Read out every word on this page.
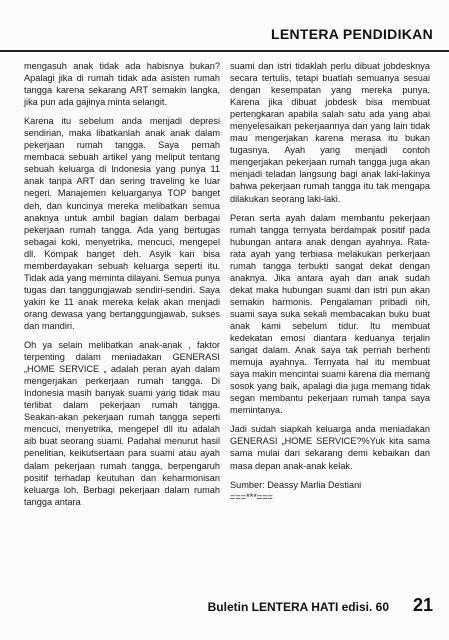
LENTERA PENDIDIKAN

mengasuh anak tidak ada habisnya bukan? Apalagi jika di rumah tidak ada asisten rumah tangga karena sekarang ART semakin langka, jika pun ada gajinya minta selangit.

Karena itu sebelum anda menjadi depresi sendirian, maka libatkanlah anak anak dalam pekerjaan rumah tangga. Saya pernah membaca sebuah artikel yang meliput tentang sebuah keluarga di Indonesia yang punya 11 anak tanpa ART dan sering traveling ke luar negeri. Manajemen keluarganya TOP banget deh, dan kuncinya mereka melibatkan semua anaknya untuk ambil bagian dalam berbagai pekerjaan rumah tangga. Ada yang bertugas sebagai koki, menyetrika, mencuci, mengepel dll. Kompak banget deh. Asyik kan bisa memberdayakan sebuah keluarga seperti itu. Tidak ada yang meminta dilayani. Semua punya tugas dan tanggungjawab sendiri-sendiri. Saya yakin ke 11 anak mereka kelak akan menjadi orang dewasa yang bertanggungjawab, sukses dan mandiri.

Oh ya selain melibatkan anak-anak , faktor terpenting dalam meniadakan GENERASI „HOME SERVICE „ adalah peran ayah dalam mengerjakan perkerjaan rumah tangga. Di Indonesia masih banyak suami yang tidak mau terlibat dalam pekerjaan rumah tangga. Seakan-akan pekerjaan rumah tangga seperti mencuci, menyetrika, mengepel dll itu adalah aib buat seorang suami. Padahal menurut hasil penelitian, keikutsertaan para suami atau ayah dalam pekerjaan rumah tangga, berpengaruh positif terhadap keutuhan dan keharmonisan keluarga loh. Berbagi pekerjaan dalam rumah tangga antara

suami dan istri tidaklah perlu dibuat jobdesknya secara tertulis, tetapi buatlah semuanya sesuai dengan kesempatan yang mereka punya. Karena jika dibuat jobdesk bisa membuat pertengkaran apabila salah satu ada yang abai menyelesaikan pekerjaannya dan yang lain tidak mau mengerjakan karena merasa itu bukan tugasnya. Ayah yang menjadi contoh mengerjakan pekerjaan rumah tangga juga akan menjadi teladan langsung bagi anak laki-lakinya bahwa pekerjaan rumah tangga itu tak mengapa dilakukan seorang laki-laki.

Peran serta ayah dalam membantu pekerjaan rumah tangga ternyata berdampak positif pada hubungan antara anak dengan ayahnya. Rata-rata ayah yang terbiasa melakukan perkerjaan rumah tangga terbukti sangat dekat dengan anaknya. Jika antara ayah dan anak sudah dekat maka hubungan suami dan istri pun akan semakin harmonis. Pengalaman pribadi nih, suami saya suka sekali membacakan buku buat anak kami sebelum tidur. Itu membuat kedekatan emosi diantara keduanya terjalin sangat dalam. Anak saya tak pernah berhenti memuja ayahnya. Ternyata hal itu membuat saya makin mencintai suami karena dia memang sosok yang baik, apalagi dia juga memang tidak segan membantu pekerjaan rumah tanpa saya memintanya.

Jadi sudah siapkah keluarga anda meniadakan GENERASI „HOME SERVICE?%Yuk kita sama sama mulai dari sekarang demi kebaikan dan masa depan anak-anak kelak.

Sumber: Deassy Marlia Destiani
===***===
Buletin LENTERA HATI edisi. 60 21
